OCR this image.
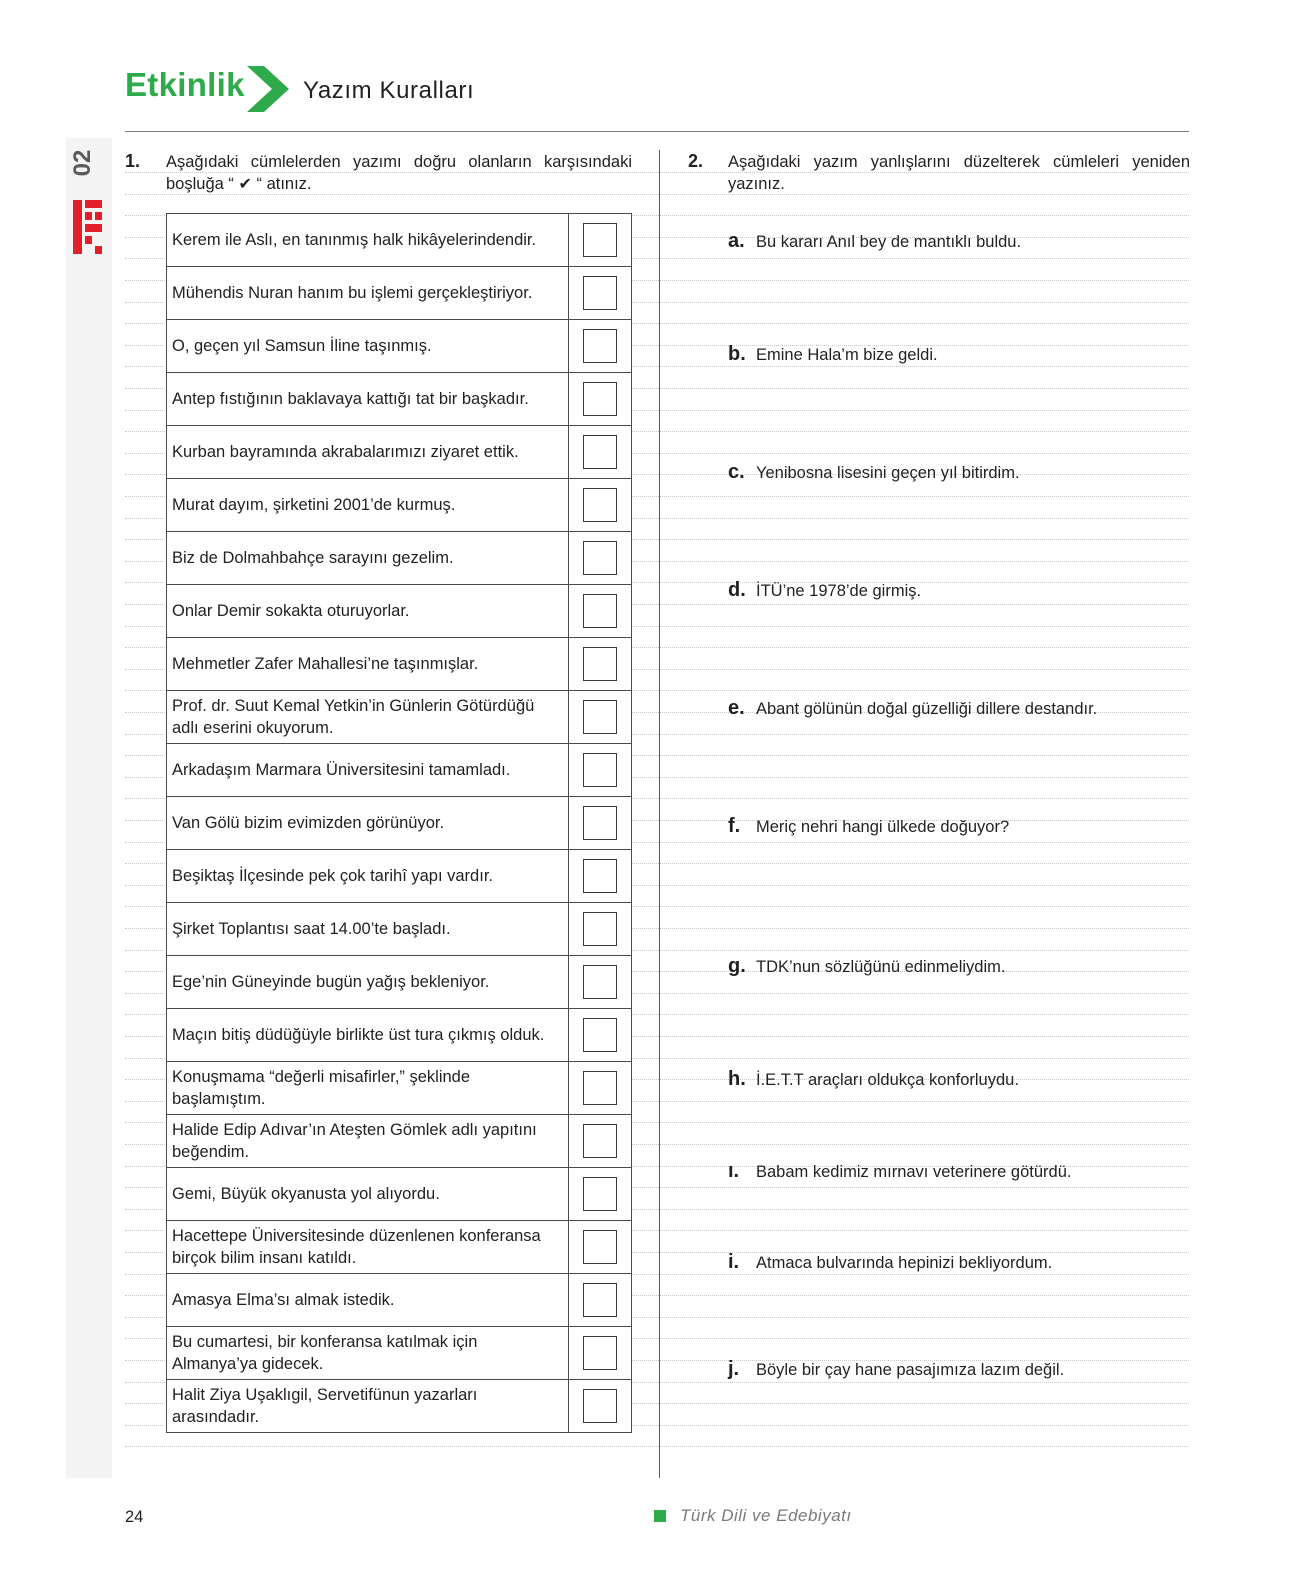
Etkinlik Yazım Kuralları
02 1. Aşağıdaki cümlelerden yazımı doğru olanların karşısındaki boşluğa “ ✔ “ atınız.
Kerem ile Aslı, en tanınmış halk hikâyelerindendir.	
Mühendis Nuran hanım bu işlemi gerçekleştiriyor.	
O, geçen yıl Samsun İline taşınmış.	
Antep fıstığının baklavaya kattığı tat bir başkadır.	
Kurban bayramında akrabalarımızı ziyaret ettik.	
Murat dayım, şirketini 2001’de kurmuş.	
Biz de Dolmahbahçe sarayını gezelim.	
Onlar Demir sokakta oturuyorlar.	
Mehmetler Zafer Mahallesi’ne taşınmışlar.	
Prof. dr. Suut Kemal Yetkin’in Günlerin Götürdüğü adlı eserini okuyorum.	
Arkadaşım Marmara Üniversitesini tamamladı.	
Van Gölü bizim evimizden görünüyor.	
Beşiktaş İlçesinde pek çok tarihî yapı vardır.	
Şirket Toplantısı saat 14.00’te başladı.	
Ege’nin Güneyinde bugün yağış bekleniyor.	
Maçın bitiş düdüğüyle birlikte üst tura çıkmış olduk.	
Konuşmama “değerli misafirler,” şeklinde başlamıştım.	
Halide Edip Adıvar’ın Ateşten Gömlek adlı yapıtını beğendim.	
Gemi, Büyük okyanusta yol alıyordu.	
Hacettepe Üniversitesinde düzenlenen konferansa birçok bilim insanı katıldı.	
Amasya Elma’sı almak istedik.	
Bu cumartesi, bir konferansa katılmak için Almanya’ya gidecek.	
Halit Ziya Uşaklıgil, Servetifünun yazarları arasındadır.	
2. Aşağıdaki yazım yanlışlarını düzelterek cümleleri yeniden yazınız.
a. Bu kararı Anıl bey de mantıklı buldu.
b. Emine Hala’m bize geldi.
c. Yenibosna lisesini geçen yıl bitirdim.
d. İTÜ’ne 1978’de girmiş.
e. Abant gölünün doğal güzelliği dillere destandır.
f. Meriç nehri hangi ülkede doğuyor?
g. TDK’nun sözlüğünü edinmeliydim.
h. İ.E.T.T araçları oldukça konforluydu.
ı. Babam kedimiz mırnavı veterinere götürdü.
i. Atmaca bulvarında hepinizi bekliyordum.
j. Böyle bir çay hane pasajımıza lazım değil.
24	Türk Dili ve Edebiyatı
